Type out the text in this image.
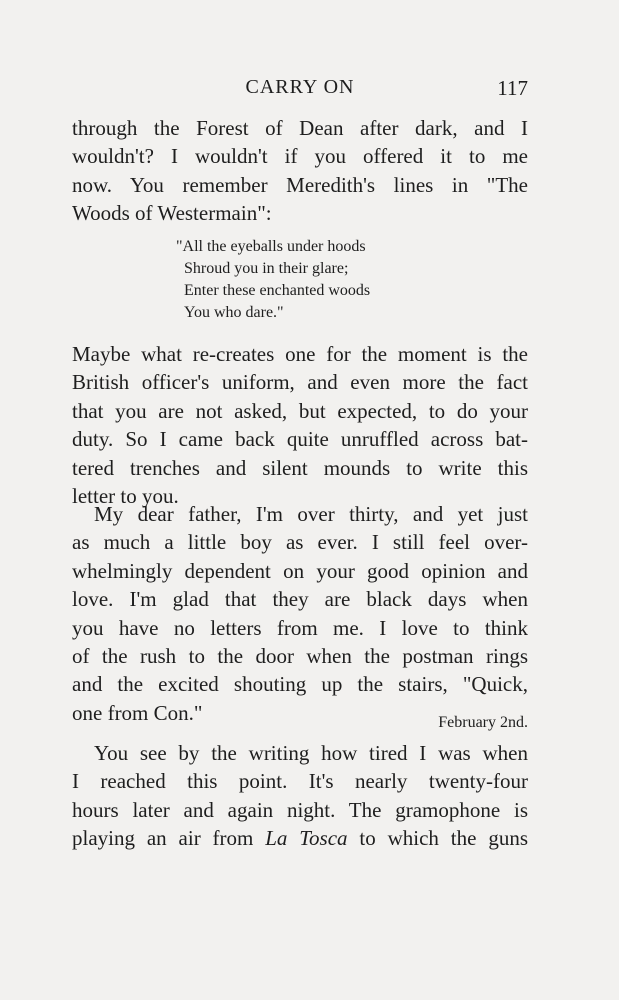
CARRY ON	117
through the Forest of Dean after dark, and I
wouldn't? I wouldn't if you offered it to me
now. You remember Meredith's lines in "The
Woods of Westermain":
"All the eyeballs under hoods
Shroud you in their glare;
Enter these enchanted woods
You who dare."
Maybe what re-creates one for the moment is the
British officer's uniform, and even more the fact
that you are not asked, but expected, to do your
duty. So I came back quite unruffled across bat-
tered trenches and silent mounds to write this
letter to you.
My dear father, I'm over thirty, and yet just
as much a little boy as ever. I still feel over-
whelmingly dependent on your good opinion and
love. I'm glad that they are black days when
you have no letters from me. I love to think
of the rush to the door when the postman rings
and the excited shouting up the stairs, "Quick,
one from Con."	February 2nd.
You see by the writing how tired I was when
I reached this point. It's nearly twenty-four
hours later and again night. The gramophone is
playing an air from La Tosca to which the guns
